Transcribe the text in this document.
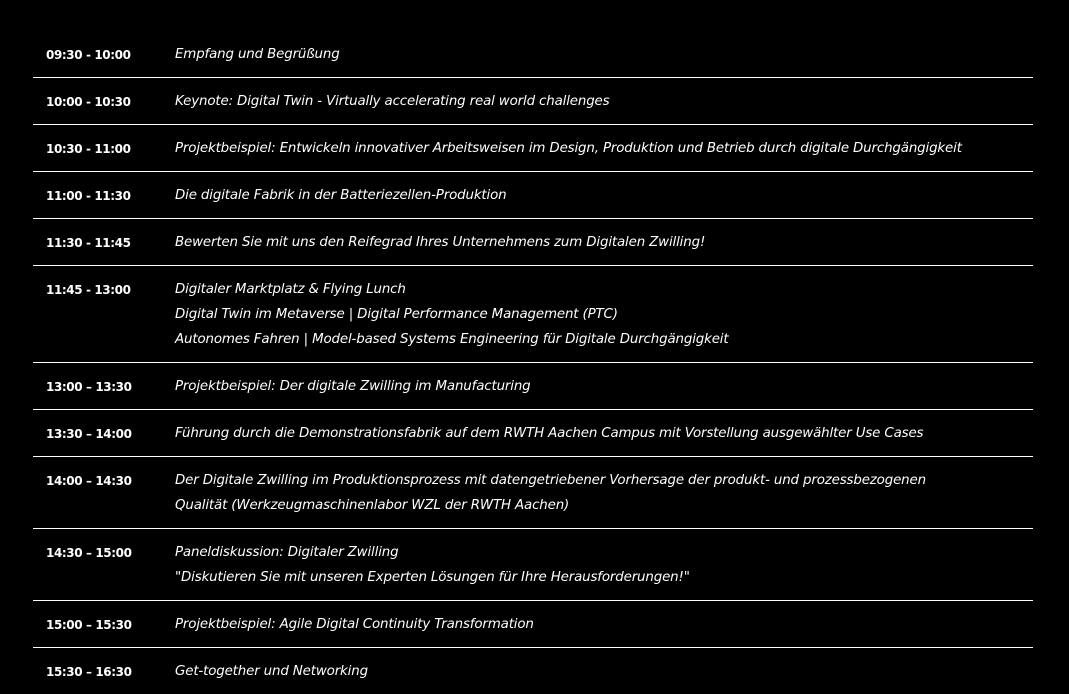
09:30 - 10:00	Empfang und Begrüßung
10:00 - 10:30	Keynote: Digital Twin - Virtually accelerating real world challenges
10:30 - 11:00	Projektbeispiel: Entwickeln innovativer Arbeitsweisen im Design, Produktion und Betrieb durch digitale Durchgängigkeit
11:00 - 11:30	Die digitale Fabrik in der Batteriezellen-Produktion
11:30 - 11:45	Bewerten Sie mit uns den Reifegrad Ihres Unternehmens zum Digitalen Zwilling!
11:45 - 13:00	Digitaler Marktplatz & Flying Lunch
Digital Twin im Metaverse | Digital Performance Management (PTC)
Autonomes Fahren | Model-based Systems Engineering für Digitale Durchgängigkeit
13:00 – 13:30	Projektbeispiel: Der digitale Zwilling im Manufacturing
13:30 – 14:00	Führung durch die Demonstrationsfabrik auf dem RWTH Aachen Campus mit Vorstellung ausgewählter Use Cases
14:00 – 14:30	Der Digitale Zwilling im Produktionsprozess mit datengetriebener Vorhersage der produkt- und prozessbezogenen
Qualität (Werkzeugmaschinenlabor WZL der RWTH Aachen)
14:30 – 15:00	Paneldiskussion: Digitaler Zwilling
"Diskutieren Sie mit unseren Experten Lösungen für Ihre Herausforderungen!"
15:00 – 15:30	Projektbeispiel: Agile Digital Continuity Transformation
15:30 – 16:30	Get-together und Networking
